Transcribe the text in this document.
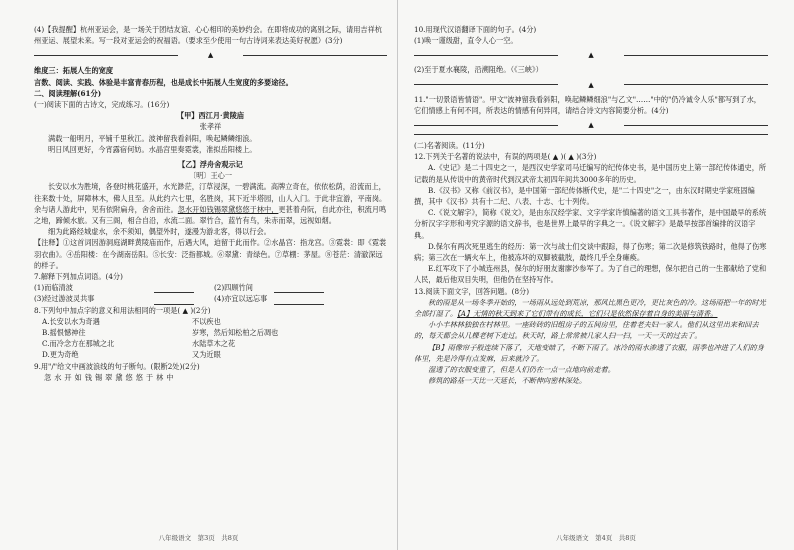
(4)【我提醒】杭州亚运会，是一场关于团结友谊、心心相印的美妙约会。在即将成功的离别之际，请用吉祥杭州亚运、展望未来。写一段对亚运会的祝福语。（要求至少使用一句古诗词来表达美好祝愿）(3分)

▲

维度三：拓展人生的宽度

言数、阅读、实践、体验是丰富青春历程，也是成长中拓展人生宽度的多要途径。

二、阅读理解(61分)

(一)阅读下面的古诗文，完成练习。(16分)

【甲】西江月·黄陵庙

张孝祥

满载一船明月，平铺千里秋江。波神留我看斜阳，唤起鳞鳞细浪。

明日风回更好，今宵露宿何妨。水晶宫里奏霓裳，准拟岳阳楼上。

【乙】浮舟舍观示记

〔明〕王心一

长安以水为胜境，各登时桃花盛开，水光渺茫，汀草浸深，一碧满流。高牌立奇在，依依松荫，沿流而上，往来数十处，屏障林木，佛人且至。从此约六七里，名胜岗，其下近半塔园，山人入门。于此非宜游，平南岗。余与诸人游此中，见有依附扁舟，舍舍而往。忽水开如钱锡翠黛悠悠于林中，更甚着舟阮，自此亦往，积流月鸣之地，蹄倾水旅。又有三阁，相合自沿，水流二面。翠竹合，蓝竹有鸟，朱赤而翠，远视如烟。

细为此路经城虚水，余不须知，偶望外时，遂漫为游北客，得以行会。

【注释】①这首词因游洞庭湖畔黄陵庙而作，后遇大风，迫留于此而作。②水晶宫：指龙宫。③霓裳：即《霓裳羽衣曲》。④岳阳楼：在今湖南岳阳。⑤长安：泛指都城。⑥翠黛：青绿色。⑦草棚：茅屋。⑧苍茫：清澈深远的样子。

7.解释下列加点词语。(4分)

(1)而临清波	(2)四顾竹间
(3)经过游波灵共事	(4)亦宜以远忘事

8.下列句中加点字的意义和用法相同的一项是( ▲ )(2分)

A.长安以水为奇遇	不以疾也
B.摇恨憾神往	岁寒，然后知松柏之后凋也
C.而冷念方在那城之北	水陆草木之花
D.更为奇绝	又为近眼

9.用"/"给文中画波浪线的句子断句。(限断2处)(2分)

忽水开如钱锡翠黛悠悠于林中

八年级语文　第3页　共8页

10.用现代汉语翻译下面的句子。(4分)

(1)唤一谨级甜，直令人心一空。

▲

(2)至于夏水襄陵，沿溯阻绝。（《三峡》）

▲

11."一切景语皆情语"。甲文"波神留我看斜阳，唤起鳞鳞细浪"与乙文"……"中的"仍冷诚令人乐"都写到了水，它们情感上有何不同，所表达的情感有何异同，请结合诗文内容简要分析。(4分)

▲

(二)名著阅读。(11分)

12.下列关于名著的说法中，有误的两项是( ▲ )( ▲ )(3分)

A.《史记》是二十四史之一，是西汉史学家司马迁编写的纪传体史书，是中国历史上第一部纪传体通史，所记载的是从传说中的黄帝时代到汉武帝太初四年间共3000多年的历史。

B.《汉书》又称《前汉书》，是中国第一部纪传体断代史，是"二十四史"之一，由东汉时期史学家班固编撰，其中《汉书》共有十二纪、八表、十志、七十列传。

C.《说文解字》，简称《说文》，是由东汉经学家、文字学家许慎编著的语文工具书著作，是中国最早的系统分析汉字字形和考究字源的语文辞书，也是世界上最早的字典之一。《说文解字》是最早按部首编排的汉语字典。

D.保尔有两次死里逃生的经历：第一次与战士们交谈中跟踪，得了伤寒；第二次是修筑铁路时，他得了伤寒病；第三次在一辆火车上，他被冻坏的双脚被截肢，最终几乎全身瘫痪。

E.红军攻下了小城连州县，保尔的好朋友谢廖沙参军了。为了自己的理想，保尔把自己的一生都献给了党和人民，最后他双目失明，但他仍在坚持写作。

13.阅读下面文字，回答问题。(8分)

秋的雨是从一场冬季开始的，一场雨从远处到荒凉，那风比黑色更冷，更比灰色的冷。这场雨把一年的时光全部打湿了。【A】无情的秋天到来了它们带有的成长，它们只是依然保存着自身的美丽与清香。

小小丰林林独独在村林里。一座砖砖的旧组房子的五间房里，住着老夫妇一家人。他们从这里出来和回去的，每天都会从几棵老树下走过。秋天时，路上常常被几家人扫一扫，一天一天的过去了。

【B】雨像帘子般连续下落了，天地变暗了，不断下雨了。冰冷的雨水渗透了衣服，雨季也冲进了人们的身体里，先是冷得有点发麻，后来就冷了。

湿透了的衣服变重了，但是人们仍在一点一点地向前走着。

修筑的路基一天比一天延长，不断伸向密林深处。

八年级语文　第4页　共8页
